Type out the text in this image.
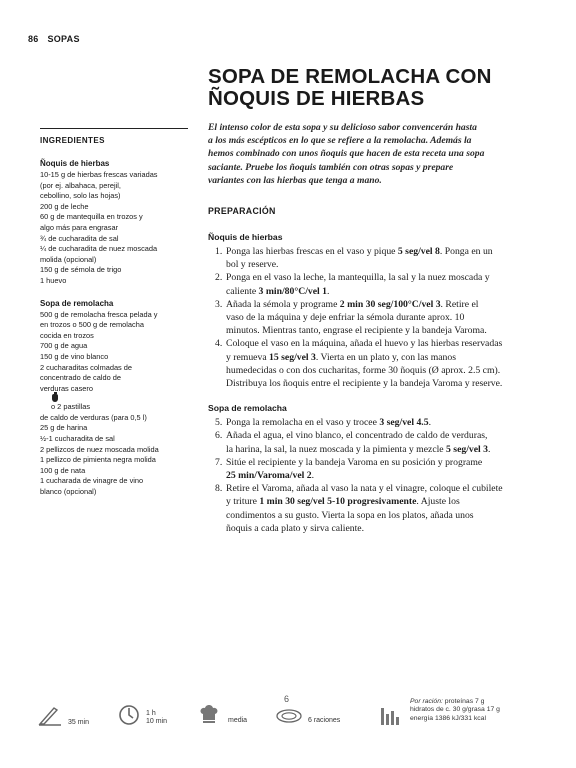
86 SOPAS
SOPA DE REMOLACHA CON
ÑOQUIS DE HIERBAS
El intenso color de esta sopa y su delicioso sabor convencerán hasta
a los más escépticos en lo que se refiere a la remolacha. Además la
hemos combinado con unos ñoquis que hacen de esta receta una sopa
saciante. Pruebe los ñoquis también con otras sopas y prepare
variantes con las hierbas que tenga a mano.
INGREDIENTES
Ñoquis de hierbas
10-15 g de hierbas frescas variadas
(por ej. albahaca, perejil,
cebollino, solo las hojas)
200 g de leche
60 g de mantequilla en trozos y
algo más para engrasar
¾ de cucharadita de sal
¼ de cucharadita de nuez moscada
molida (opcional)
150 g de sémola de trigo
1 huevo
Sopa de remolacha
500 g de remolacha fresca pelada y
en trozos o 500 g de remolacha
cocida en trozos
700 g de agua
150 g de vino blanco
2 cucharaditas colmadas de
concentrado de caldo de
verduras casero
o 2 pastillas
de caldo de verduras (para 0,5 l)
25 g de harina
½-1 cucharadita de sal
2 pellizcos de nuez moscada molida
1 pellizco de pimienta negra molida
100 g de nata
1 cucharada de vinagre de vino
blanco (opcional)
PREPARACIÓN
Ñoquis de hierbas
1. Ponga las hierbas frescas en el vaso y pique 5 seg/vel 8. Ponga en un
bol y reserve.
2. Ponga en el vaso la leche, la mantequilla, la sal y la nuez moscada y
caliente 3 min/80°C/vel 1.
3. Añada la sémola y programe 2 min 30 seg/100°C/vel 3. Retire el
vaso de la máquina y deje enfriar la sémola durante aprox. 10
minutos. Mientras tanto, engrase el recipiente y la bandeja Varoma.
4. Coloque el vaso en la máquina, añada el huevo y las hierbas reservadas
y remueva 15 seg/vel 3. Vierta en un plato y, con las manos
humedecidas o con dos cucharitas, forme 30 ñoquis (Ø aprox. 2.5 cm).
Distribuya los ñoquis entre el recipiente y la bandeja Varoma y reserve.
Sopa de remolacha
5. Ponga la remolacha en el vaso y trocee 3 seg/vel 4.5.
6. Añada el agua, el vino blanco, el concentrado de caldo de verduras,
la harina, la sal, la nuez moscada y la pimienta y mezcle 5 seg/vel 3.
7. Sitúe el recipiente y la bandeja Varoma en su posición y programe
25 min/Varoma/vel 2.
8. Retire el Varoma, añada al vaso la nata y el vinagre, coloque el cubilete
y triture 1 min 30 seg/vel 5-10 progresivamente. Ajuste los
condimentos a su gusto. Vierta la sopa en los platos, añada unos
ñoquis a cada plato y sirva caliente.
35 min
1 h
10 min	media
6
6 raciones
Por ración: proteínas 7 g
hidratos de c. 30 g/grasa 17 g
energía 1386 kJ/331 kcal
